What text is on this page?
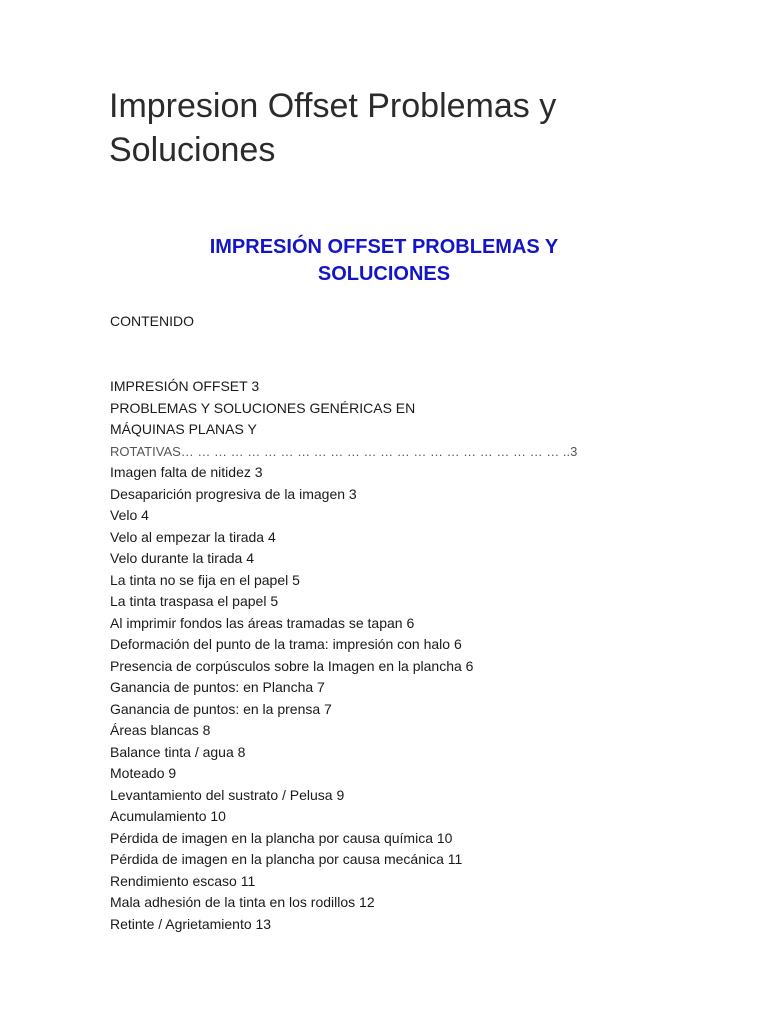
Impresion Offset Problemas y Soluciones
IMPRESIÓN OFFSET PROBLEMAS Y
SOLUCIONES

CONTENIDO

IMPRESIÓN OFFSET 3
PROBLEMAS Y SOLUCIONES GENÉRICAS EN
MÁQUINAS PLANAS Y
ROTATIVAS… … … … … … … … … … … … … … … … … … … … … … … ..3
Imagen falta de nitidez 3
Desaparición progresiva de la imagen 3
Velo 4
Velo al empezar la tirada 4
Velo durante la tirada 4
La tinta no se fija en el papel 5
La tinta traspasa el papel 5
Al imprimir fondos las áreas tramadas se tapan 6
Deformación del punto de la trama: impresión con halo 6
Presencia de corpúsculos sobre la Imagen en la plancha 6
Ganancia de puntos: en Plancha 7
Ganancia de puntos: en la prensa 7
Áreas blancas 8
Balance tinta / agua 8
Moteado 9
Levantamiento del sustrato / Pelusa 9
Acumulamiento 10
Pérdida de imagen en la plancha por causa química 10
Pérdida de imagen en la plancha por causa mecánica 11
Rendimiento escaso 11
Mala adhesión de la tinta en los rodillos 12
Retinte / Agrietamiento 13
